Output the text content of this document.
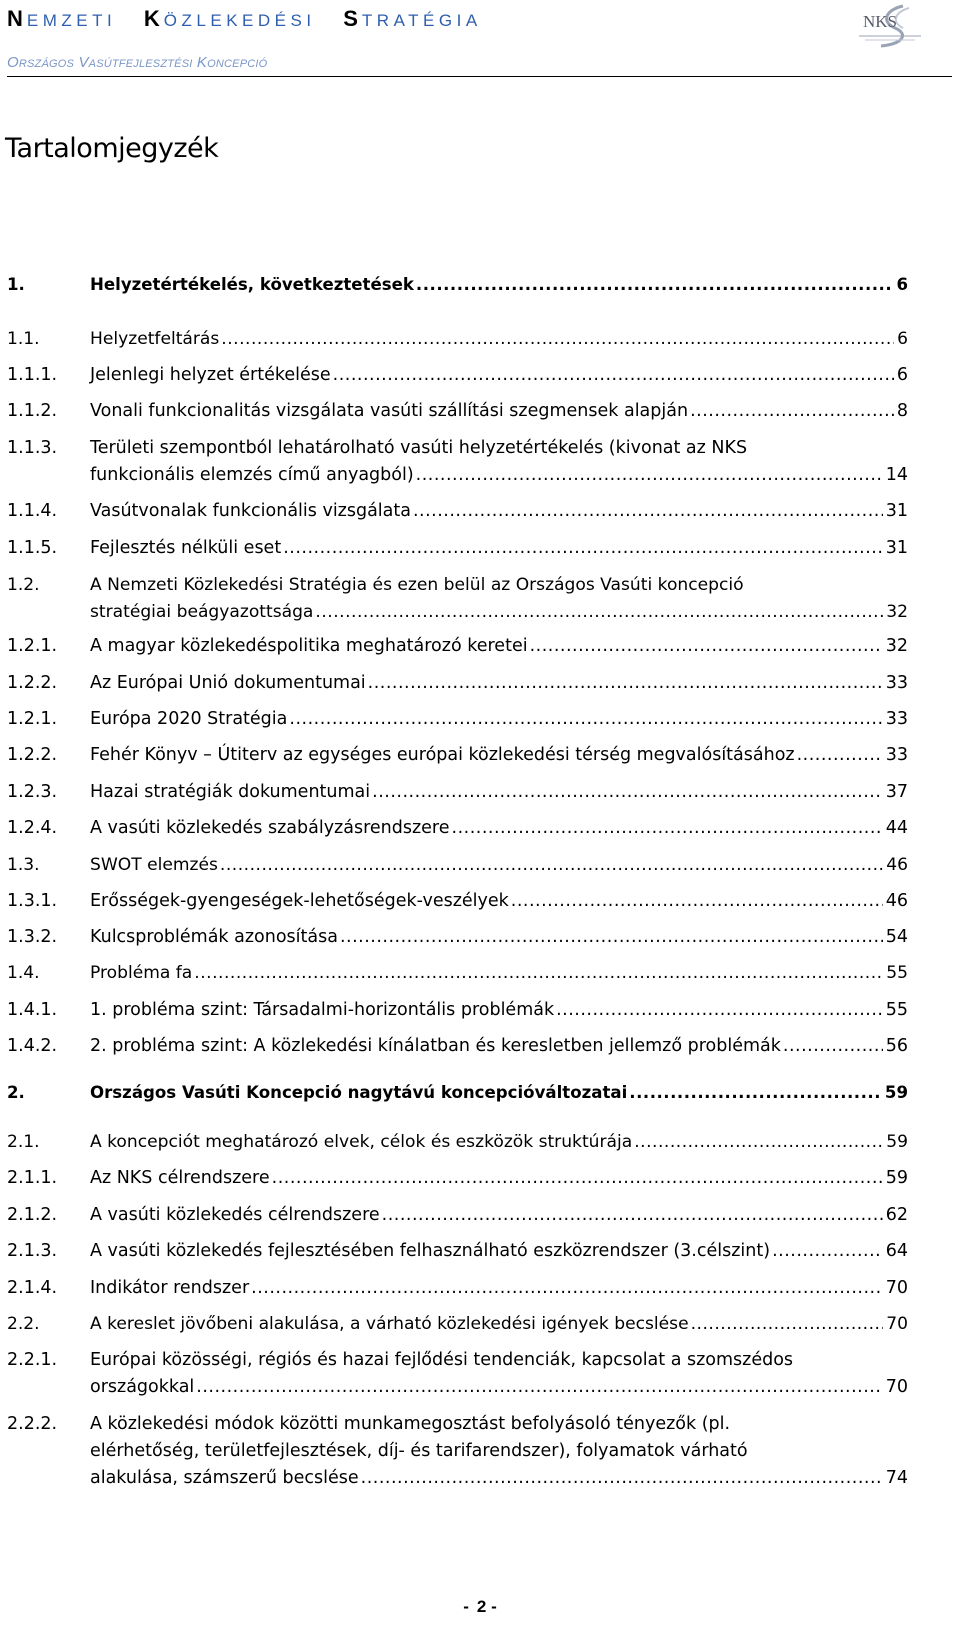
NEMZETI KÖZLEKEDÉSI STRATÉGIA
ORSZÁGOS VASÚTFEJLESZTÉSI KONCEPCIÓ
NKS
Tartalomjegyzék
1.	Helyzetértékelés, következtetések .....	6
1.1.	Helyzetfeltárás .....	6
1.1.1. Jelenlegi helyzet értékelése .....	6
1.1.2. Vonali funkcionalitás vizsgálata vasúti szállítási szegmensek alapján .....	8
1.1.3. Területi szempontból lehatárolható vasúti helyzetértékelés (kivonat az NKS
funkcionális elemzés című anyagból) .....	14
1.1.4. Vasútvonalak funkcionális vizsgálata .....	31
1.1.5. Fejlesztés nélküli eset .....	31
1.2.	A Nemzeti Közlekedési Stratégia és ezen belül az Országos Vasúti koncepció
stratégiai beágyazottsága .....	32
1.2.1. A magyar közlekedéspolitika meghatározó keretei .....	32
1.2.2. Az Európai Unió dokumentumai .....	33
1.2.1. Európa 2020 Stratégia .....	33
1.2.2. Fehér Könyv – Útiterv az egységes európai közlekedési térség megvalósításához .....	33
1.2.3. Hazai stratégiák dokumentumai .....	37
1.2.4. A vasúti közlekedés szabályzásrendszere .....	44
1.3.	SWOT elemzés .....	46
1.3.1. Erősségek-gyengeségek-lehetőségek-veszélyek .....	46
1.3.2. Kulcsproblémák azonosítása .....	54
1.4.	Probléma fa .....	55
1.4.1. 1. probléma szint: Társadalmi-horizontális problémák .....	55
1.4.2. 2. probléma szint: A közlekedési kínálatban és keresletben jellemző problémák .....	56
2.	Országos Vasúti Koncepció nagytávú koncepcióváltozatai .....	59
2.1.	A koncepciót meghatározó elvek, célok és eszközök struktúrája .....	59
2.1.1. Az NKS célrendszere .....	59
2.1.2. A vasúti közlekedés célrendszere .....	62
2.1.3. A vasúti közlekedés fejlesztésében felhasználható eszközrendszer (3.célszint) .....	64
2.1.4. Indikátor rendszer .....	70
2.2.	A kereslet jövőbeni alakulása, a várható közlekedési igények becslése .....	70
2.2.1. Európai közösségi, régiós és hazai fejlődési tendenciák, kapcsolat a szomszédos
országokkal .....	70
2.2.2. A közlekedési módok közötti munkamegosztást befolyásoló tényezők (pl.
elérhetőség, területfejlesztések, díj- és tarifarendszer), folyamatok várható
alakulása, számszerű becslése .....	74
- 2 -
